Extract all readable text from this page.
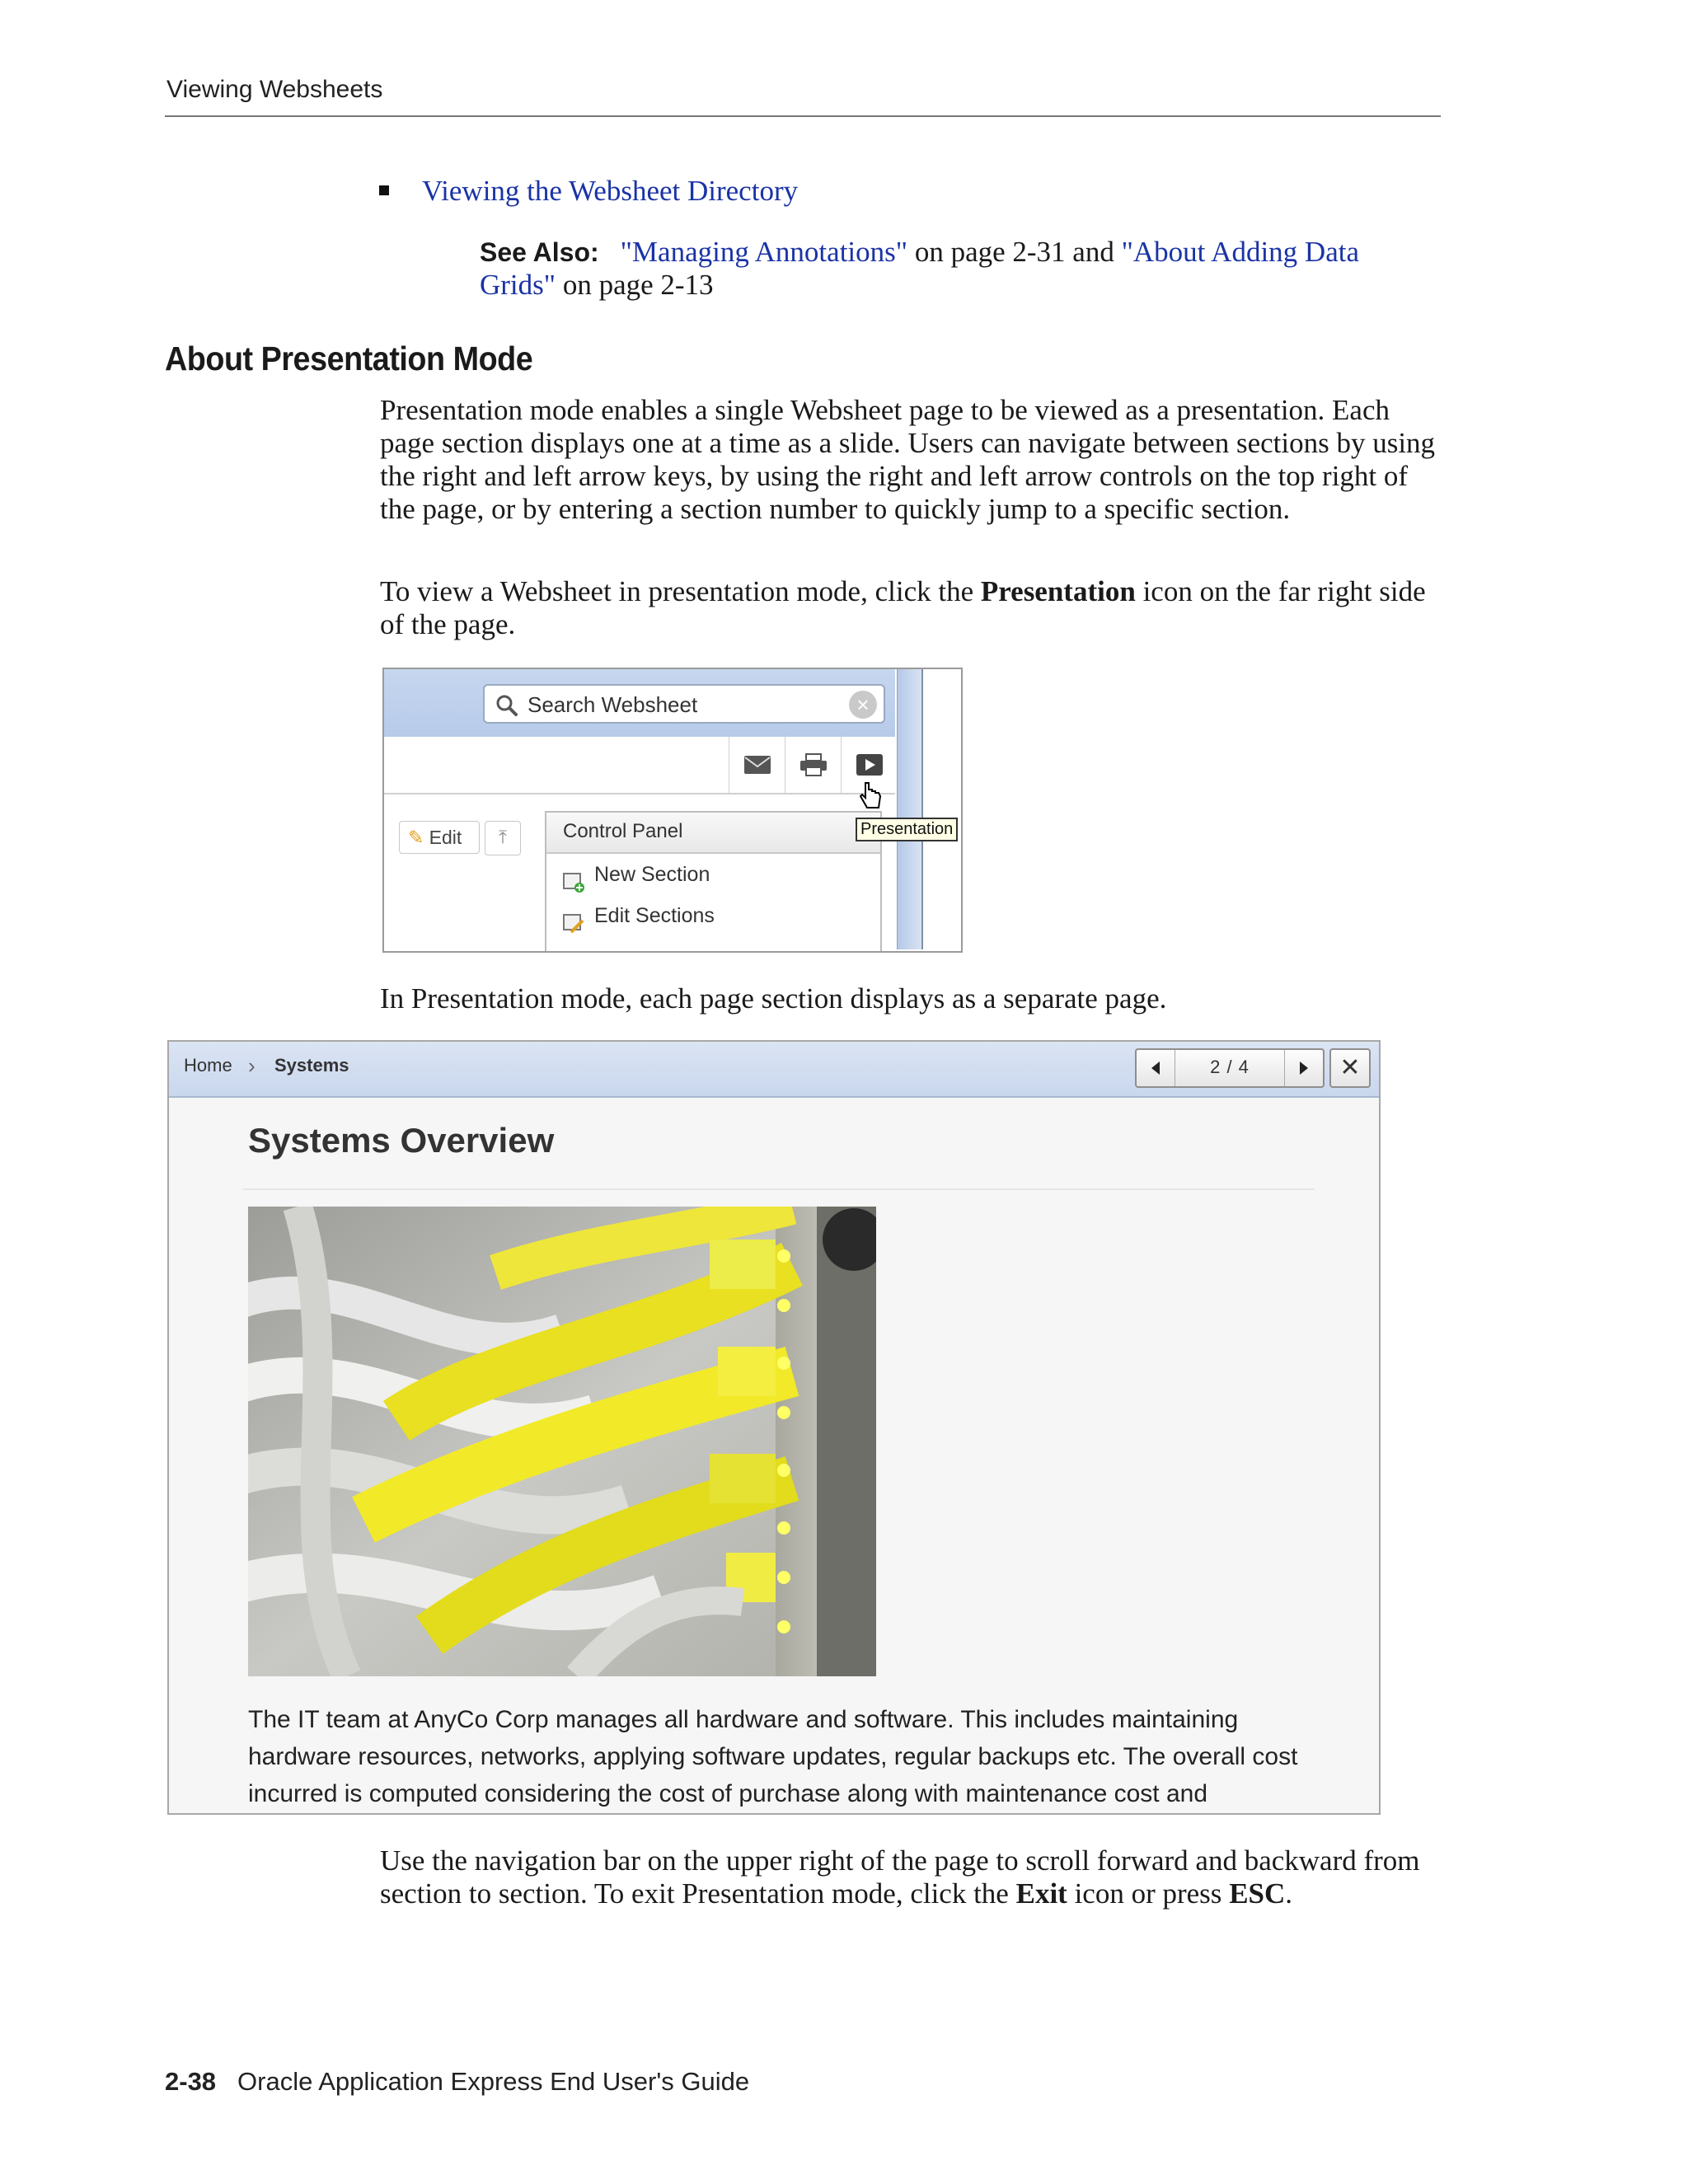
Viewing Websheets
Viewing the Websheet Directory
See Also: "Managing Annotations" on page 2-31 and "About Adding Data Grids" on page 2-13
About Presentation Mode
Presentation mode enables a single Websheet page to be viewed as a presentation. Each page section displays one at a time as a slide. Users can navigate between sections by using the right and left arrow keys, by using the right and left arrow controls on the top right of the page, or by entering a section number to quickly jump to a specific section.
To view a Websheet in presentation mode, click the Presentation icon on the far right side of the page.
Search Websheet	×
✎ Edit	⤒	Control Panel
New Section
Edit Sections
Presentation
In Presentation mode, each page section displays as a separate page.
Home › Systems	2 / 4	✕
Systems Overview
The IT team at AnyCo Corp manages all hardware and software. This includes maintaining hardware resources, networks, applying software updates, regular backups etc. The overall cost incurred is computed considering the cost of purchase along with maintenance cost and
Use the navigation bar on the upper right of the page to scroll forward and backward from section to section. To exit Presentation mode, click the Exit icon or press ESC.
2-38 Oracle Application Express End User's Guide
